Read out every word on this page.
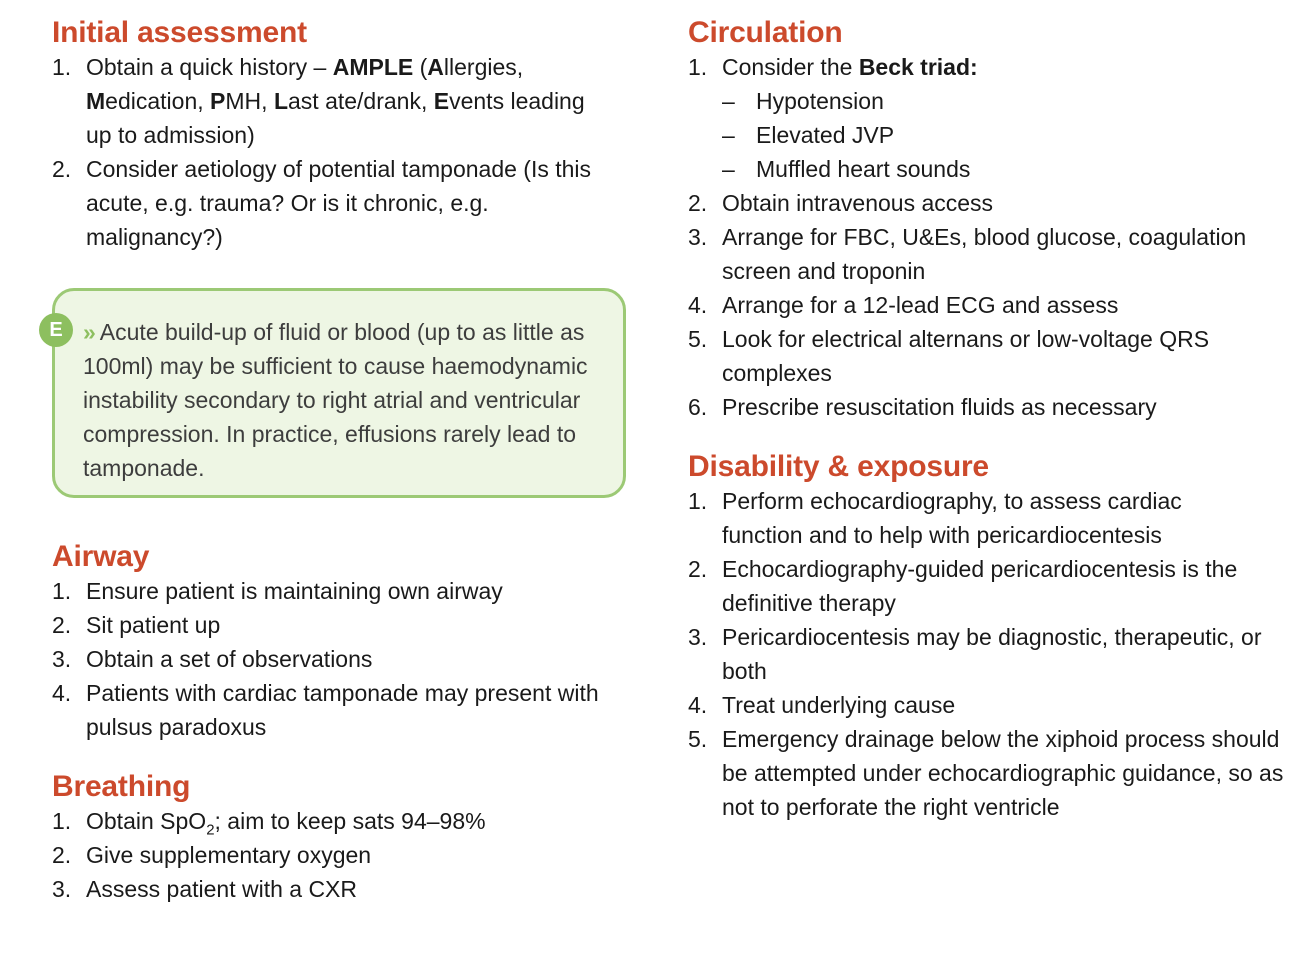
Initial assessment
1. Obtain a quick history – AMPLE (Allergies,
Medication, PMH, Last ate/drank, Events leading up to admission)
2. Consider aetiology of potential tamponade (Is this acute, e.g. trauma? Or is it chronic, e.g. malignancy?)
E » Acute build-up of fluid or blood (up to as little as 100ml) may be sufficient to cause haemodynamic instability secondary to right atrial and ventricular compression. In practice, effusions rarely lead to tamponade.
Airway
1. Ensure patient is maintaining own airway
2. Sit patient up
3. Obtain a set of observations
4. Patients with cardiac tamponade may present with pulsus paradoxus
Breathing
1. Obtain SpO$_2$; aim to keep sats 94–98%
2. Give supplementary oxygen
3. Assess patient with a CXR
Circulation
1. Consider the Beck triad:
– Hypotension
– Elevated JVP
– Muffled heart sounds
2. Obtain intravenous access
3. Arrange for FBC, U&Es, blood glucose, coagulation screen and troponin
4. Arrange for a 12-lead ECG and assess
5. Look for electrical alternans or low-voltage QRS complexes
6. Prescribe resuscitation fluids as necessary
Disability & exposure
1. Perform echocardiography, to assess cardiac function and to help with pericardiocentesis
2. Echocardiography-guided pericardiocentesis is the definitive therapy
3. Pericardiocentesis may be diagnostic, therapeutic, or both
4. Treat underlying cause
5. Emergency drainage below the xiphoid process should be attempted under echocardiographic guidance, so as not to perforate the right ventricle
